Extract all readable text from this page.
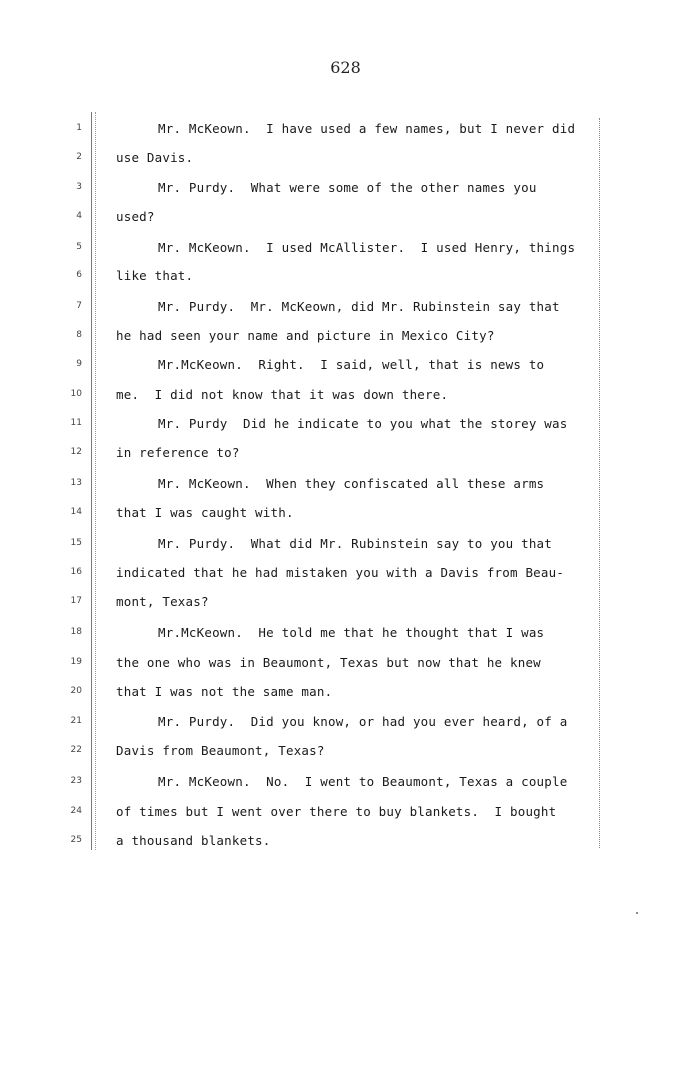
628
1	Mr. McKeown.  I have used a few names, but I never did
2	use Davis.
3	Mr. Purdy.  What were some of the other names you
4	used?
5	Mr. McKeown.  I used McAllister.  I used Henry, things
6	like that.
7	Mr. Purdy.  Mr. McKeown, did Mr. Rubinstein say that
8	he had seen your name and picture in Mexico City?
9	Mr.McKeown.  Right.  I said, well, that is news to
10	me.  I did not know that it was down there.
11	Mr. Purdy  Did he indicate to you what the storey was
12	in reference to?
13	Mr. McKeown.  When they confiscated all these arms
14	that I was caught with.
15	Mr. Purdy.  What did Mr. Rubinstein say to you that
16	indicated that he had mistaken you with a Davis from Beau-
17	mont, Texas?
18	Mr.McKeown.  He told me that he thought that I was
19	the one who was in Beaumont, Texas but now that he knew
20	that I was not the same man.
21	Mr. Purdy.  Did you know, or had you ever heard, of a
22	Davis from Beaumont, Texas?
23	Mr. McKeown.  No.  I went to Beaumont, Texas a couple
24	of times but I went over there to buy blankets.  I bought
25	a thousand blankets.
